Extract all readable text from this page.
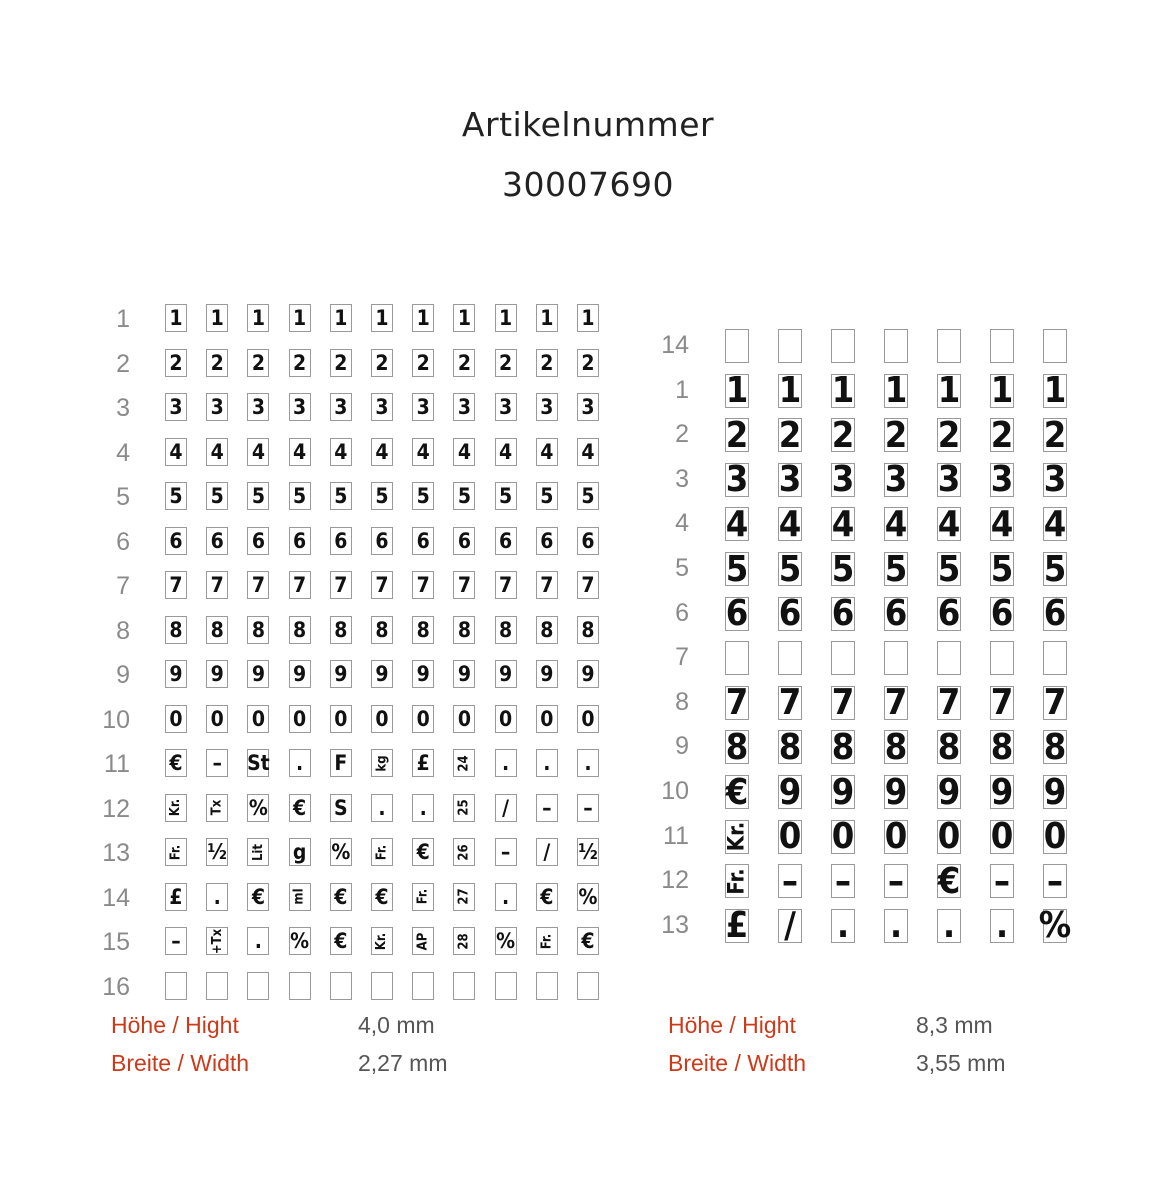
Artikelnummer
30007690
1 1 1 1 1 1 1 1 1 1 1 1
2 2 2 2 2 2 2 2 2 2 2 2
3 3 3 3 3 3 3 3 3 3 3 3
4 4 4 4 4 4 4 4 4 4 4 4
5 5 5 5 5 5 5 5 5 5 5 5
6 6 6 6 6 6 6 6 6 6 6 6
7 7 7 7 7 7 7 7 7 7 7 7
8 8 8 8 8 8 8 8 8 8 8 8
9 9 9 9 9 9 9 9 9 9 9 9
10 0 0 0 0 0 0 0 0 0 0 0
11 € – St . F kg £ 24 . . .
12	Kr. Tx % € S . . 25 / – –
13	Fr. ½ Lit g % Fr. € 26 – / ½
14 £ . € ml € € Fr. 27 . € %
15 – +Tx . % € Kr. AP 28 % Fr. €
16
14
1 1 1 1 1 1 1 1
2 2 2 2 2 2 2 2
3 3 3 3 3 3 3 3
4 4 4 4 4 4 4 4
5 5 5 5 5 5 5 5
6 6 6 6 6 6 6 6
7
8 7 7 7 7 7 7 7
9 8 8 8 8 8 8 8
10 € 9 9 9 9 9 9
11 Kr. 0 0 0 0 0 0
12 Fr. – – – € – –
13 £ / . . . . %
Höhe / Hight	4,0 mm
Breite / Width	2,27 mm
Höhe / Hight	8,3 mm
Breite / Width	3,55 mm
